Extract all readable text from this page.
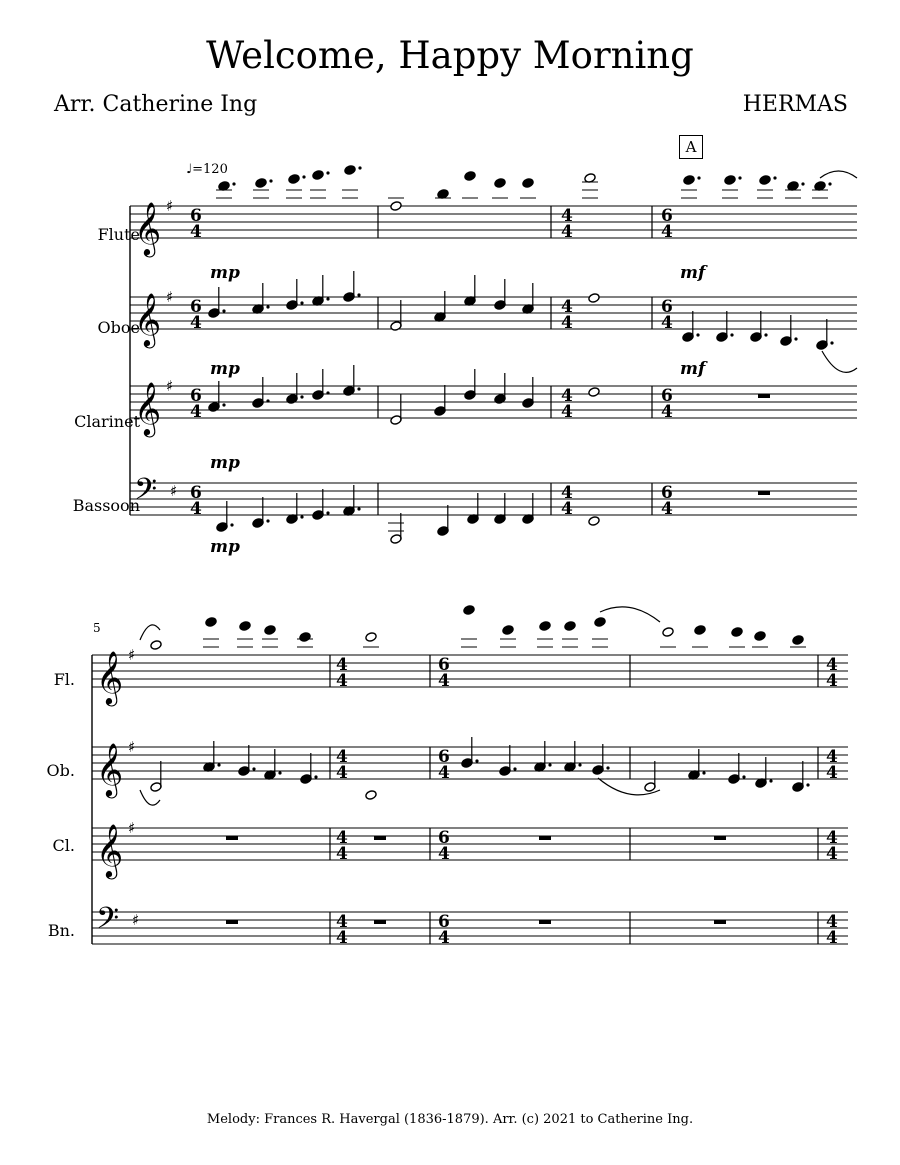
Welcome, Happy Morning
Arr. Catherine Ing	HERMAS
Flute
Oboe
Clarinet
Bassoon
Fl.
Ob.
Cl.
Bn.
♩=120
A
5
Melody: Frances R. Havergal (1836-1879). Arr. (c) 2021 to Catherine Ing.
𝄞 ♯ 6
4
4
4
6
4
𝄞 ♯ 6
4
4
4
6
4
𝄞 ♯ 6
4
4
4
6
4
𝄢 ♯ 6
4
4
4
6
4
mp	mf
mp	mf
mp
mp
𝄞 ♯	4
4
6
4
4
4
𝄞 ♯	4
4
6
4
4
4
𝄞 ♯	4
4
6
4
4
4
𝄢 ♯	4
4
6
4
4
4
